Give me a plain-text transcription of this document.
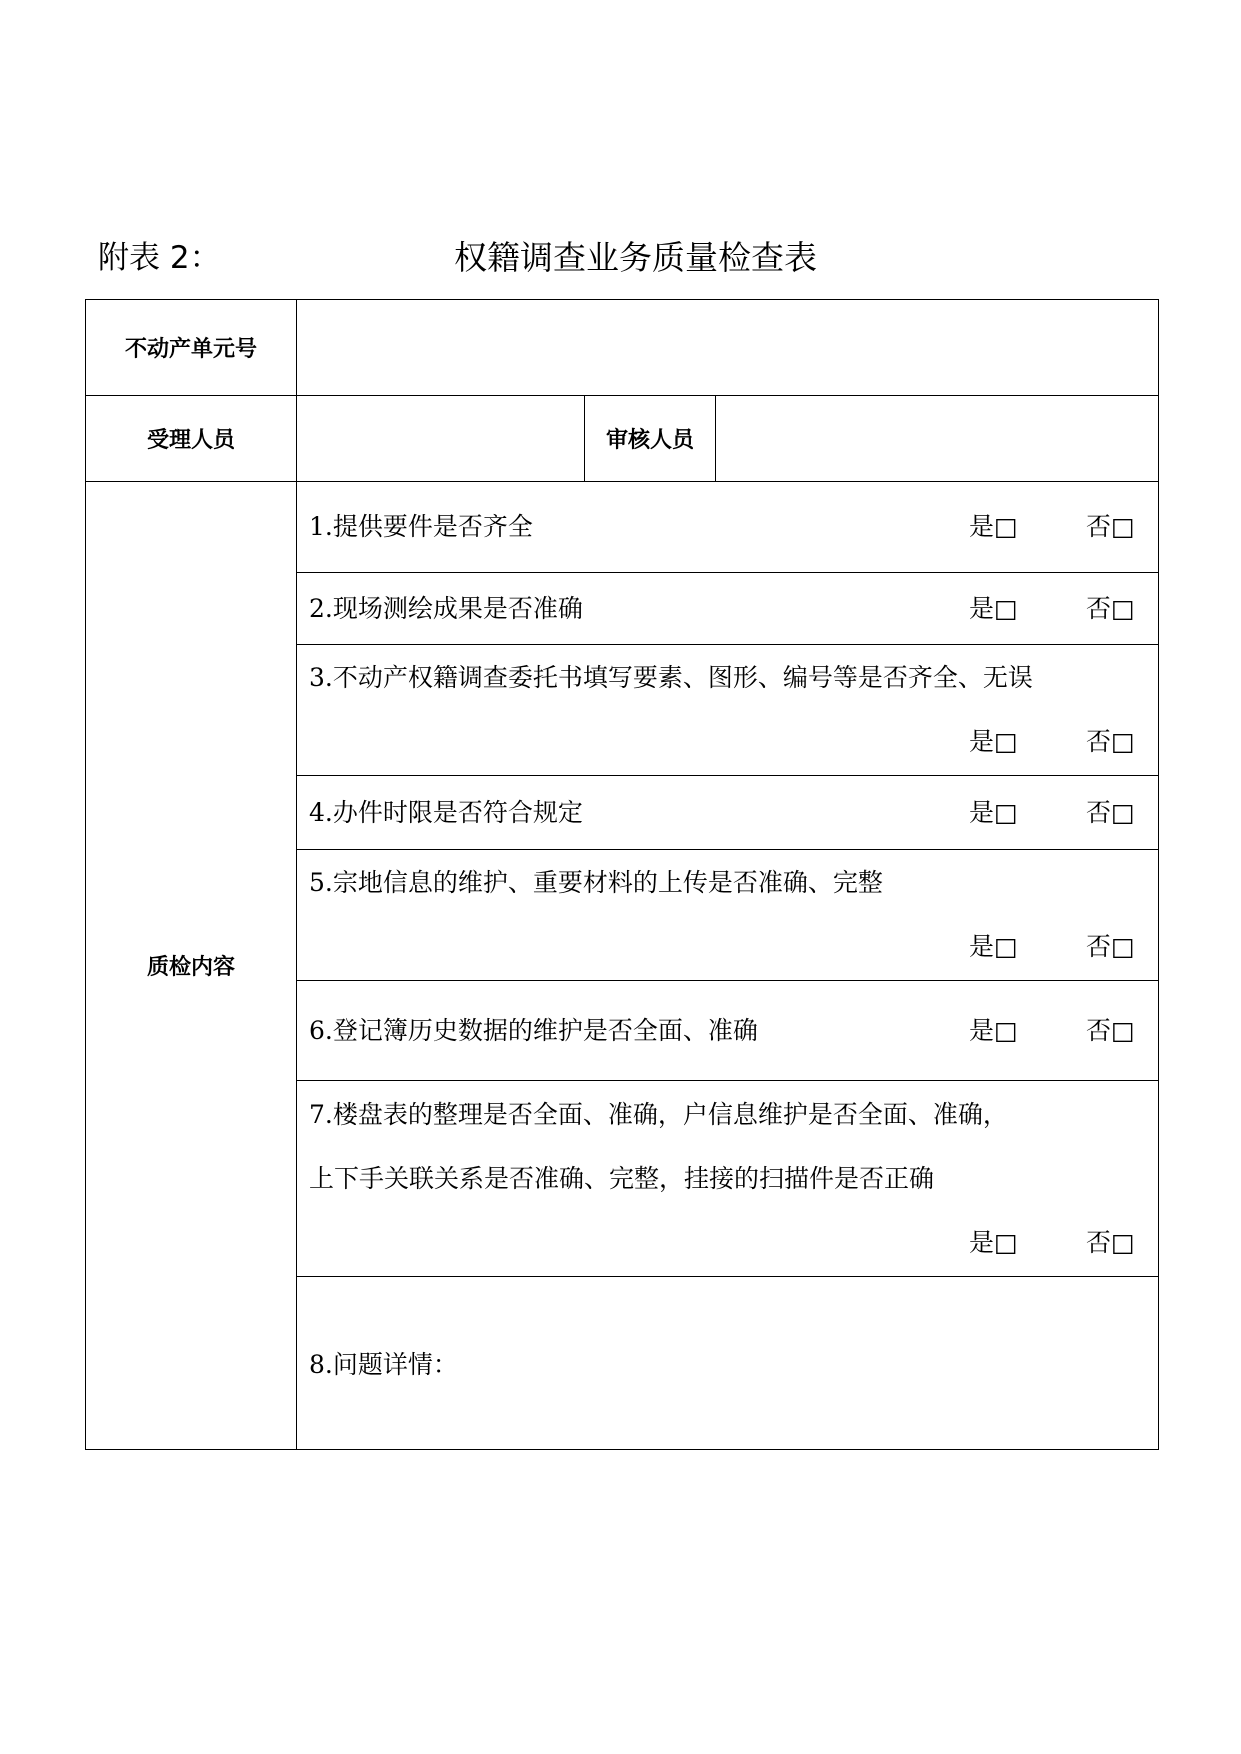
附表 2：	权籍调查业务质量检查表
不动产单元号			
受理人员		审核人员	
质检内容	1.提供要件是否齐全 是□ 否□		

	2.现场测绘成果是否准确 是□ 否□		

	3.不动产权籍调查委托书填写要素、图形、编号等是否齐全、无误
是□ 否□		

	4.办件时限是否符合规定 是□ 否□		

	5.宗地信息的维护、重要材料的上传是否准确、完整
是□ 否□		

	6.登记簿历史数据的维护是否全面、准确 是□ 否□		

	7.楼盘表的整理是否全面、准确，户信息维护是否全面、准确，
上下手关联关系是否准确、完整，挂接的扫描件是否正确
是□ 否□		

	8.问题详情：		
